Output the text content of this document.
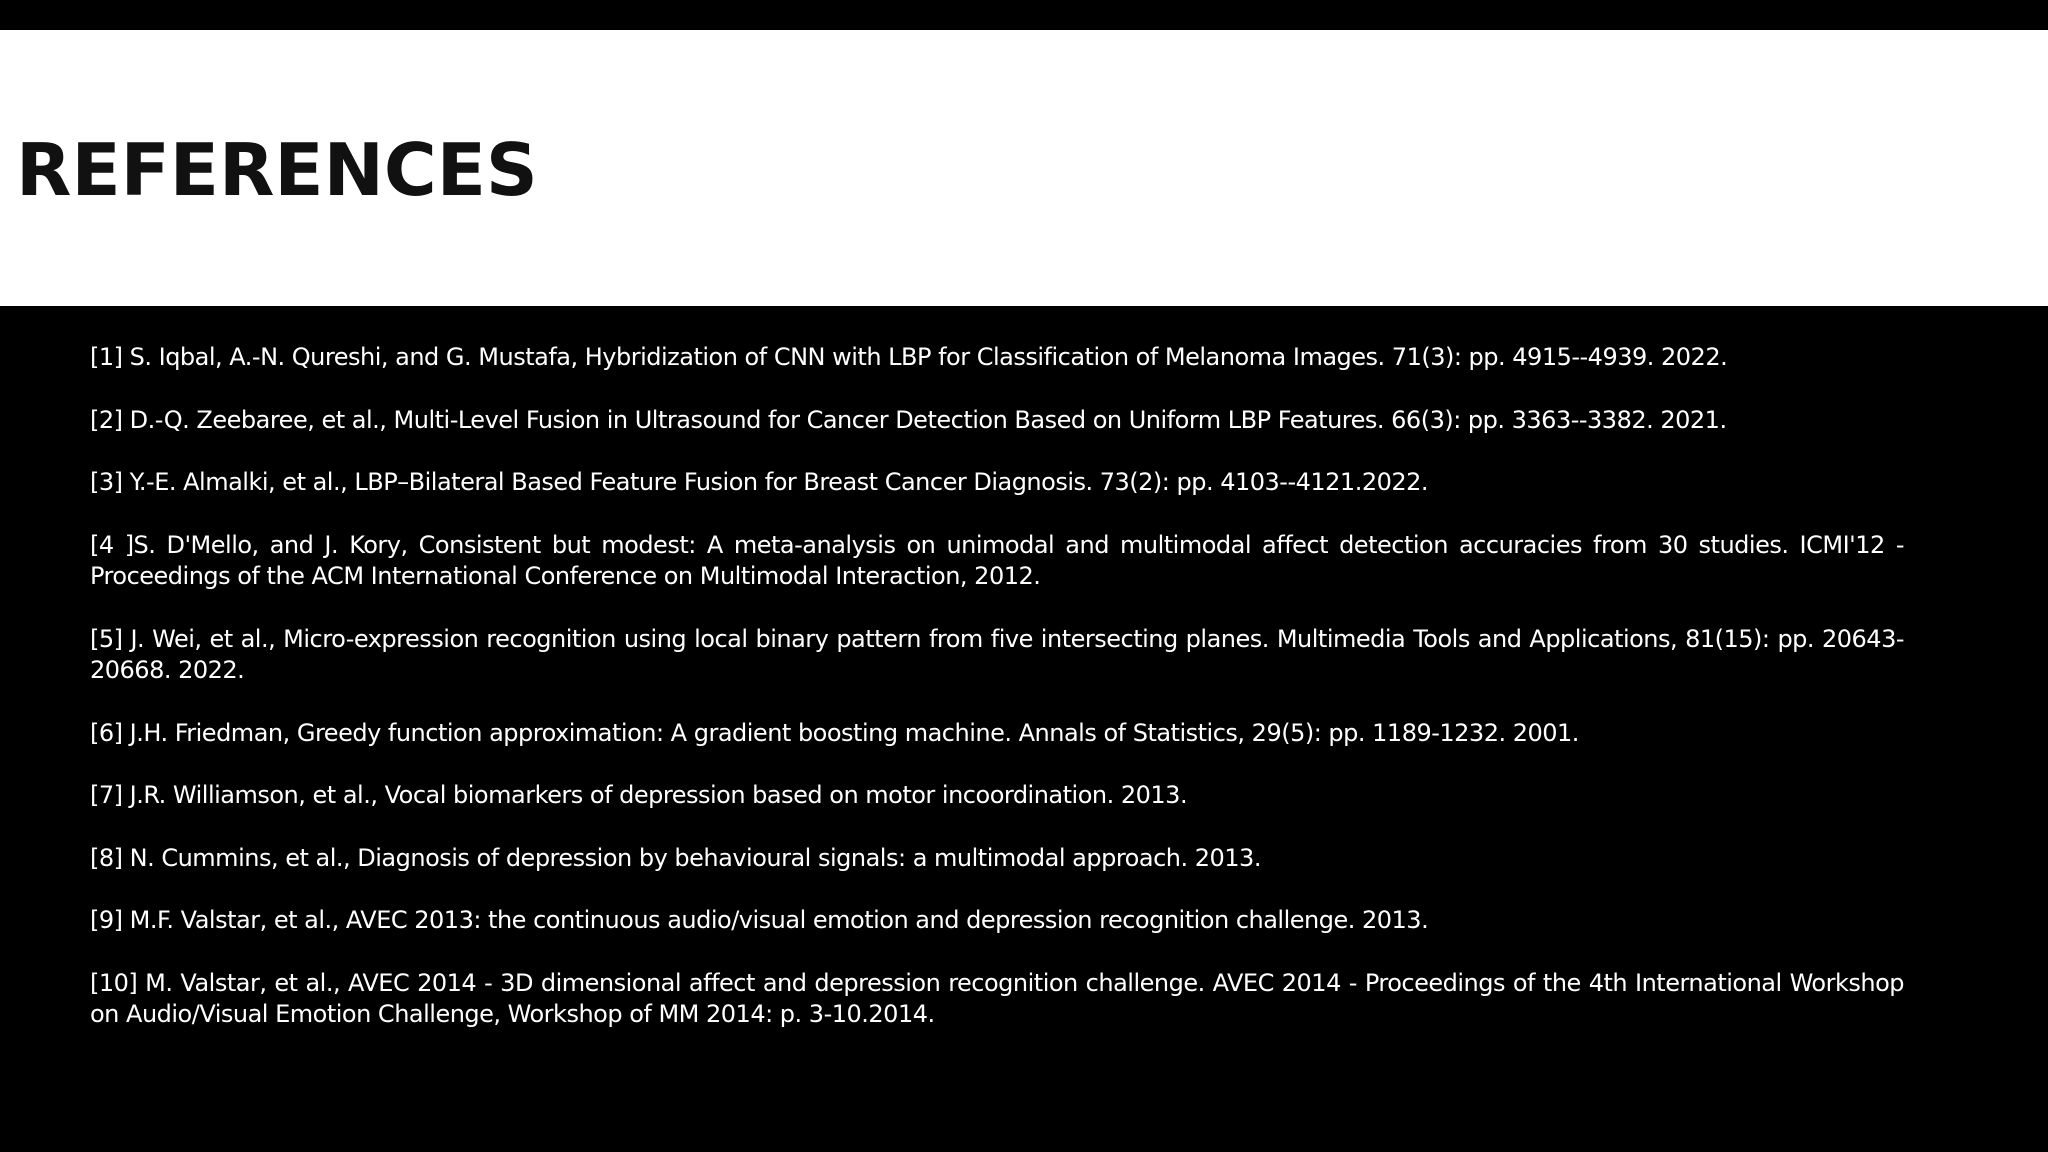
REFERENCES
[1] S. Iqbal, A.-N. Qureshi, and G. Mustafa, Hybridization of CNN with LBP for Classification of Melanoma Images. 71(3): pp. 4915--4939. 2022.
[2] D.-Q. Zeebaree, et al., Multi-Level Fusion in Ultrasound for Cancer Detection Based on Uniform LBP Features. 66(3): pp. 3363--3382. 2021.
[3] Y.-E. Almalki, et al., LBP–Bilateral Based Feature Fusion for Breast Cancer Diagnosis. 73(2): pp. 4103--4121.2022.
[4 ]S. D'Mello, and J. Kory, Consistent but modest: A meta-analysis on unimodal and multimodal affect detection accuracies from 30 studies. ICMI'12 - Proceedings of the ACM International Conference on Multimodal Interaction, 2012.
[5] J. Wei, et al., Micro-expression recognition using local binary pattern from five intersecting planes. Multimedia Tools and Applications, 81(15): pp. 20643-20668. 2022.
[6] J.H. Friedman, Greedy function approximation: A gradient boosting machine. Annals of Statistics, 29(5): pp. 1189-1232. 2001.
[7] J.R. Williamson, et al., Vocal biomarkers of depression based on motor incoordination. 2013.
[8] N. Cummins, et al., Diagnosis of depression by behavioural signals: a multimodal approach. 2013.
[9] M.F. Valstar, et al., AVEC 2013: the continuous audio/visual emotion and depression recognition challenge. 2013.
[10] M. Valstar, et al., AVEC 2014 - 3D dimensional affect and depression recognition challenge. AVEC 2014 - Proceedings of the 4th International Workshop on Audio/Visual Emotion Challenge, Workshop of MM 2014: p. 3-10.2014.
